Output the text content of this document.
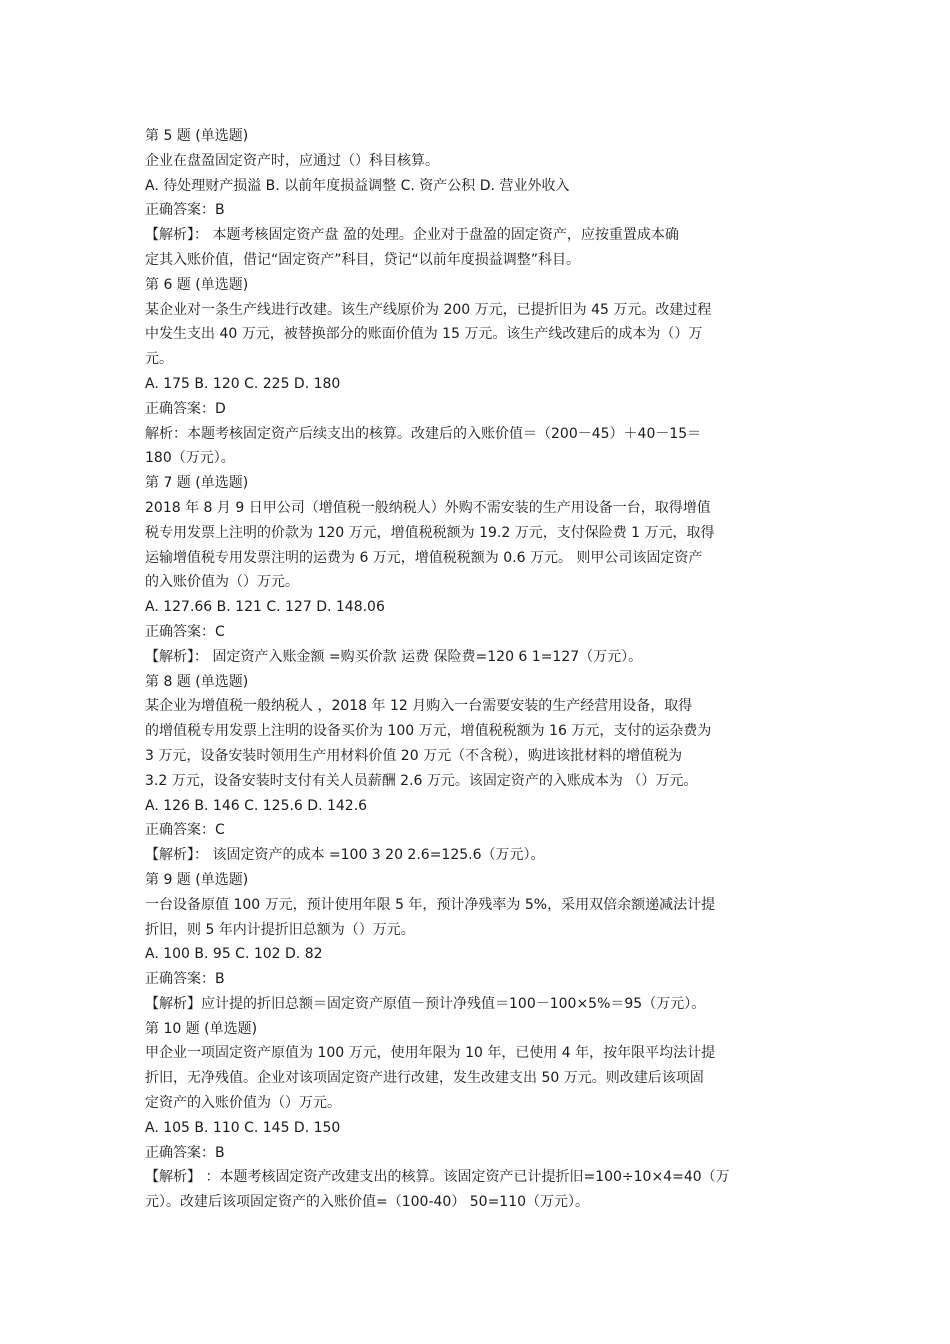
第 5 题 (单选题)
企业在盘盈固定资产时，应通过（）科目核算。
A. 待处理财产损溢 B. 以前年度损益调整 C. 资产公积 D. 营业外收入
正确答案：B
【解析】： 本题考核固定资产盘 盈的处理。企业对于盘盈的固定资产，应按重置成本确
定其入账价值，借记“固定资产”科目，贷记“以前年度损益调整”科目。
第 6 题 (单选题)
某企业对一条生产线进行改建。该生产线原价为 200 万元，已提折旧为 45 万元。改建过程
中发生支出 40 万元，被替换部分的账面价值为 15 万元。该生产线改建后的成本为（）万
元。
A. 175 B. 120 C. 225 D. 180
正确答案：D
解析：本题考核固定资产后续支出的核算。改建后的入账价值＝（200－45）＋40－15＝
180（万元）。
第 7 题 (单选题)
2018 年 8 月 9 日甲公司（增值税一般纳税人）外购不需安装的生产用设备一台，取得增值
税专用发票上注明的价款为 120 万元，增值税税额为 19.2 万元，支付保险费 1 万元，取得
运输增值税专用发票注明的运费为 6 万元，增值税税额为 0.6 万元。 则甲公司该固定资产
的入账价值为（）万元。
A. 127.66 B. 121 C. 127 D. 148.06
正确答案：C
【解析】： 固定资产入账金额 =购买价款 运费 保险费=120 6 1=127（万元）。
第 8 题 (单选题)
某企业为增值税一般纳税人 ，2018 年 12 月购入一台需要安装的生产经营用设备，取得
的增值税专用发票上注明的设备买价为 100 万元，增值税税额为 16 万元，支付的运杂费为
3 万元，设备安装时领用生产用材料价值 20 万元（不含税），购进该批材料的增值税为
3.2 万元，设备安装时支付有关人员薪酬 2.6 万元。该固定资产的入账成本为 （）万元。
A. 126 B. 146 C. 125.6 D. 142.6
正确答案：C
【解析】： 该固定资产的成本 =100 3 20 2.6=125.6（万元）。
第 9 题 (单选题)
一台设备原值 100 万元，预计使用年限 5 年，预计净残率为 5%，采用双倍余额递减法计提
折旧，则 5 年内计提折旧总额为（）万元。
A. 100 B. 95 C. 102 D. 82
正确答案：B
【解析】应计提的折旧总额＝固定资产原值－预计净残值＝100－100×5%＝95（万元）。
第 10 题 (单选题)
甲企业一项固定资产原值为 100 万元，使用年限为 10 年，已使用 4 年，按年限平均法计提
折旧，无净残值。企业对该项固定资产进行改建，发生改建支出 50 万元。则改建后该项固
定资产的入账价值为（）万元。
A. 105 B. 110 C. 145 D. 150
正确答案：B
【解析】 ：本题考核固定资产改建支出的核算。该固定资产已计提折旧=100÷10×4=40（万
元）。改建后该项固定资产的入账价值=（100-40） 50=110（万元）。
